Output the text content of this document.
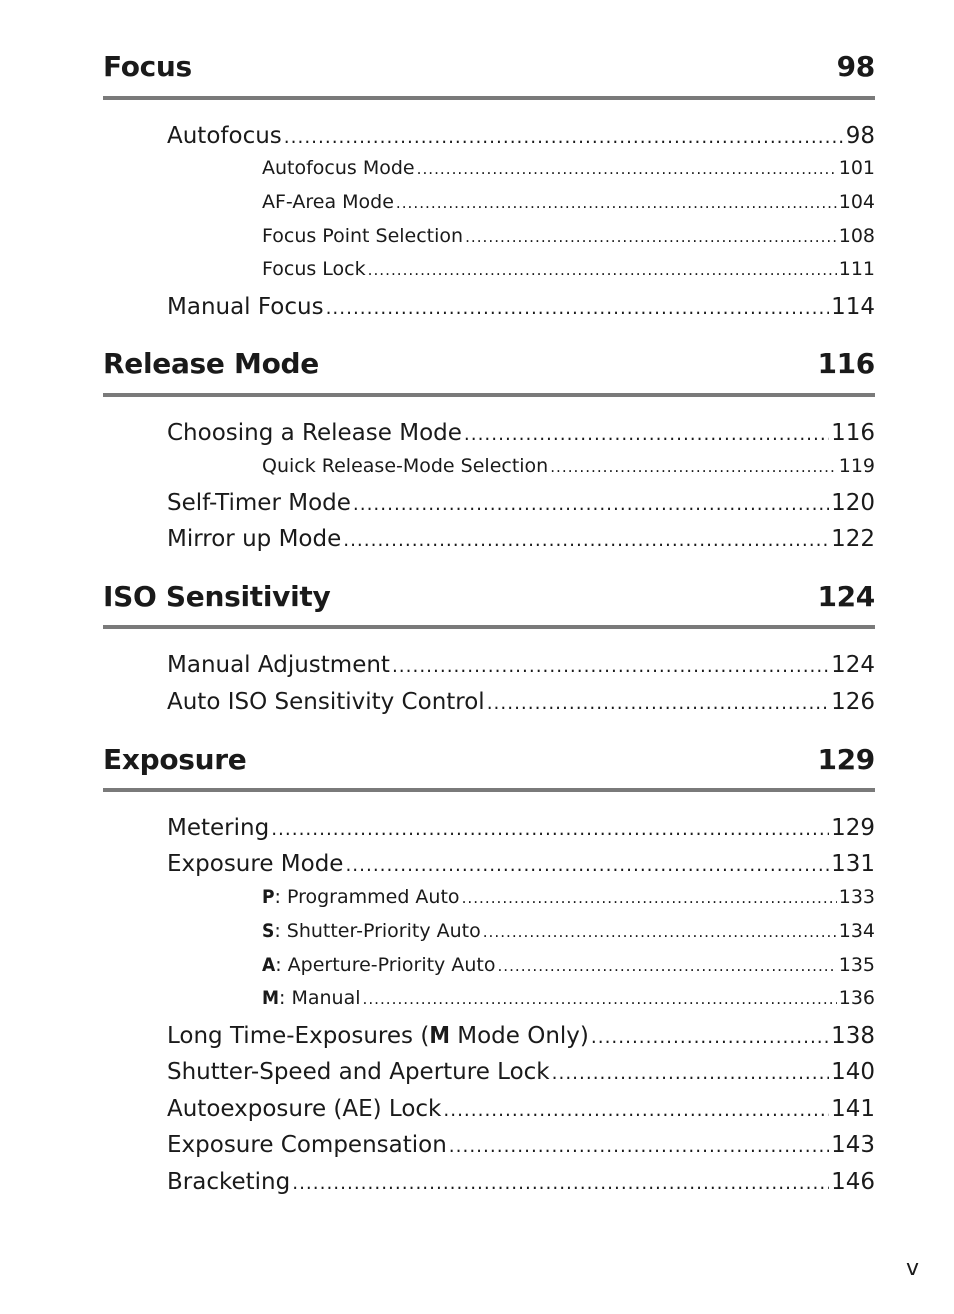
Focus	98
Autofocus .....	98
Autofocus Mode .....	101
AF-Area Mode .....	104
Focus Point Selection .....	108
Focus Lock .....	111
Manual Focus .....	114
Release Mode	116
Choosing a Release Mode .....	116
Quick Release-Mode Selection .....	119
Self-Timer Mode .....	120
Mirror up Mode .....	122
ISO Sensitivity	124
Manual Adjustment .....	124
Auto ISO Sensitivity Control .....	126
Exposure	129
Metering .....	129
Exposure Mode .....	131
P: Programmed Auto .....	133
S: Shutter-Priority Auto .....	134
A: Aperture-Priority Auto .....	135
M: Manual .....	136
Long Time-Exposures (M Mode Only) .....	138
Shutter-Speed and Aperture Lock .....	140
Autoexposure (AE) Lock .....	141
Exposure Compensation .....	143
Bracketing .....	146
v
